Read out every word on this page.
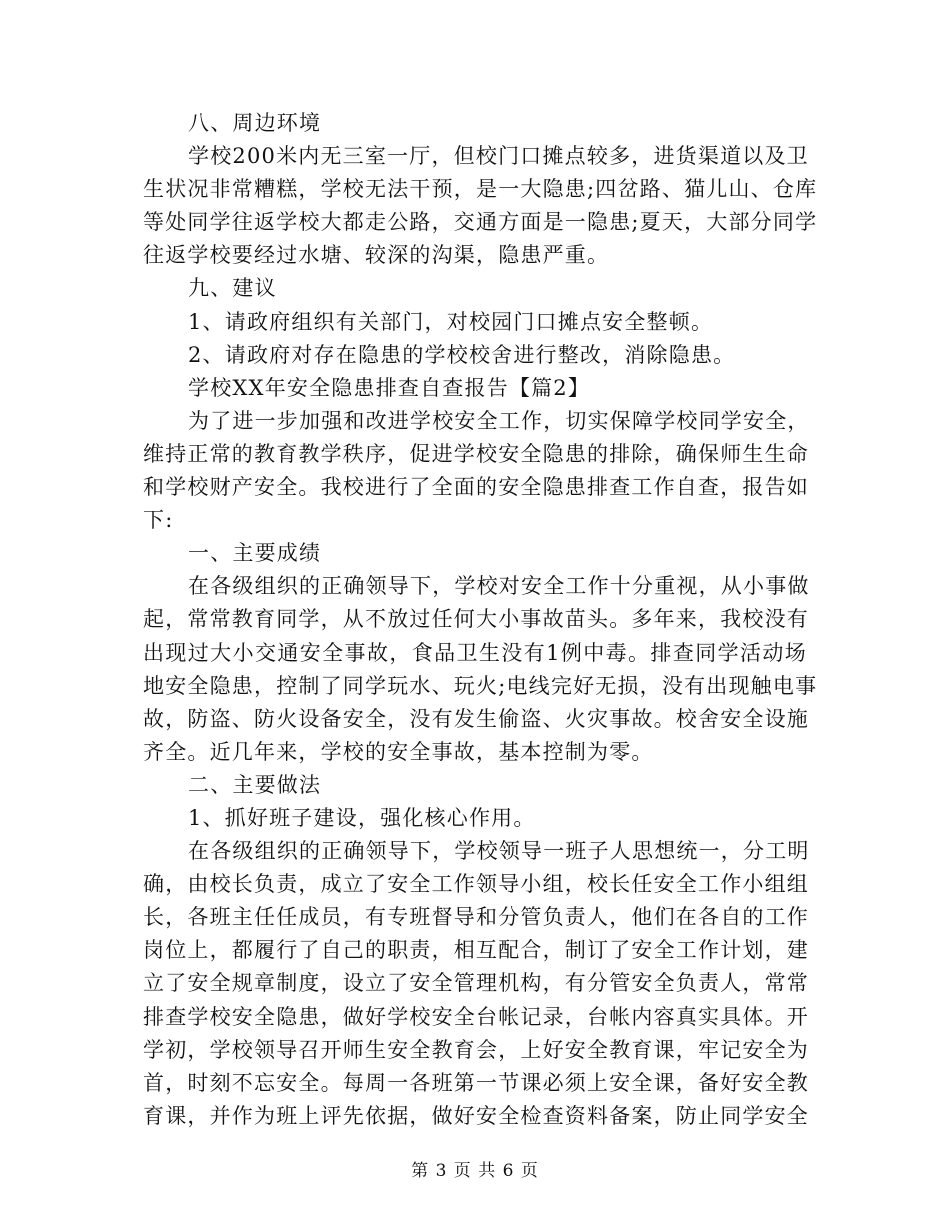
八、周边环境
学校200米内无三室一厅，但校门口摊点较多，进货渠道以及卫
生状况非常糟糕，学校无法干预，是一大隐患;四岔路、猫儿山、仓库
等处同学往返学校大都走公路，交通方面是一隐患;夏天，大部分同学
往返学校要经过水塘、较深的沟渠，隐患严重。
九、建议
1、请政府组织有关部门，对校园门口摊点安全整顿。
2、请政府对存在隐患的学校校舍进行整改，消除隐患。
学校XX年安全隐患排查自查报告【篇2】
为了进一步加强和改进学校安全工作，切实保障学校同学安全，
维持正常的教育教学秩序，促进学校安全隐患的排除，确保师生生命
和学校财产安全。我校进行了全面的安全隐患排查工作自查，报告如
下:
一、主要成绩
在各级组织的正确领导下，学校对安全工作十分重视，从小事做
起，常常教育同学，从不放过任何大小事故苗头。多年来，我校没有
出现过大小交通安全事故，食品卫生没有1例中毒。排查同学活动场
地安全隐患，控制了同学玩水、玩火;电线完好无损，没有出现触电事
故，防盗、防火设备安全，没有发生偷盗、火灾事故。校舍安全设施
齐全。近几年来，学校的安全事故，基本控制为零。
二、主要做法
1、抓好班子建设，强化核心作用。
在各级组织的正确领导下，学校领导一班子人思想统一，分工明
确，由校长负责，成立了安全工作领导小组，校长任安全工作小组组
长，各班主任任成员，有专班督导和分管负责人，他们在各自的工作
岗位上，都履行了自己的职责，相互配合，制订了安全工作计划，建
立了安全规章制度，设立了安全管理机构，有分管安全负责人，常常
排查学校安全隐患，做好学校安全台帐记录，台帐内容真实具体。开
学初，学校领导召开师生安全教育会，上好安全教育课，牢记安全为
首，时刻不忘安全。每周一各班第一节课必须上安全课，备好安全教
育课，并作为班上评先依据，做好安全检查资料备案，防止同学安全
第 3 页 共 6 页
